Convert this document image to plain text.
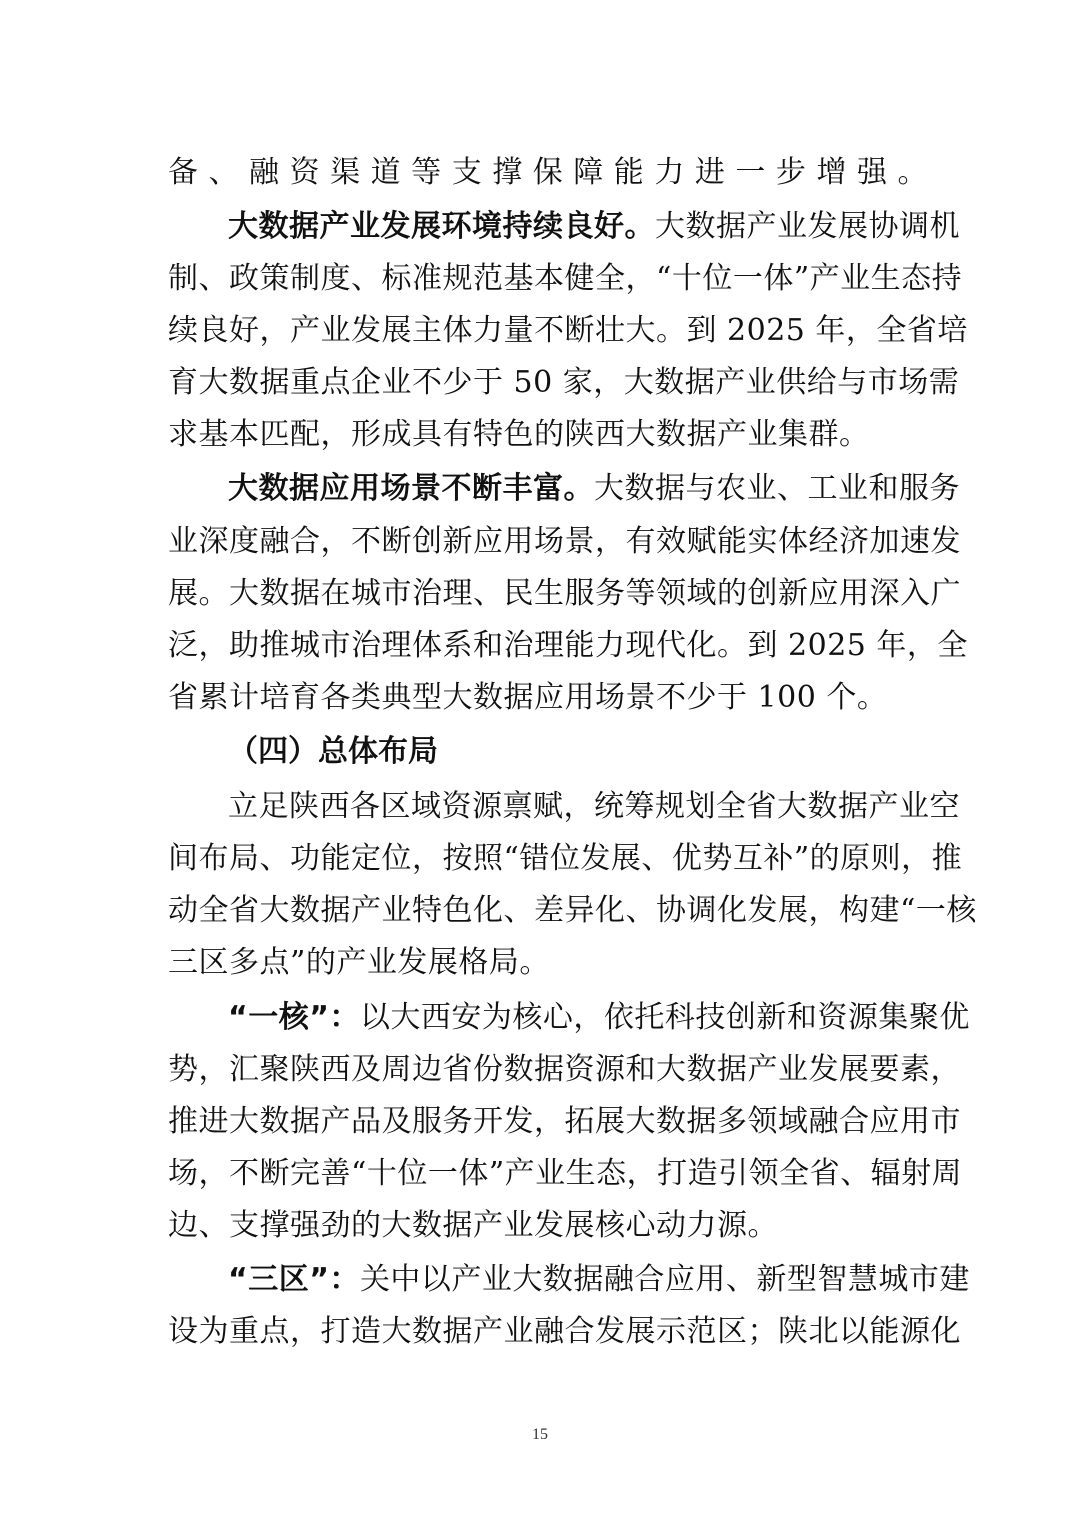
备、融资渠道等支撑保障能力进一步增强。
大数据产业发展环境持续良好。大数据产业发展协调机
制、政策制度、标准规范基本健全，“十位一体”产业生态持
续良好，产业发展主体力量不断壮大。到 2025 年，全省培
育大数据重点企业不少于 50 家，大数据产业供给与市场需
求基本匹配，形成具有特色的陕西大数据产业集群。
大数据应用场景不断丰富。大数据与农业、工业和服务
业深度融合，不断创新应用场景，有效赋能实体经济加速发
展。大数据在城市治理、民生服务等领域的创新应用深入广
泛，助推城市治理体系和治理能力现代化。到 2025 年，全
省累计培育各类典型大数据应用场景不少于 100 个。
（四）总体布局
立足陕西各区域资源禀赋，统筹规划全省大数据产业空
间布局、功能定位，按照“错位发展、优势互补”的原则，推
动全省大数据产业特色化、差异化、协调化发展，构建“一核
三区多点”的产业发展格局。
“一核”：以大西安为核心，依托科技创新和资源集聚优
势，汇聚陕西及周边省份数据资源和大数据产业发展要素，
推进大数据产品及服务开发，拓展大数据多领域融合应用市
场，不断完善“十位一体”产业生态，打造引领全省、辐射周
边、支撑强劲的大数据产业发展核心动力源。
“三区”：关中以产业大数据融合应用、新型智慧城市建
设为重点，打造大数据产业融合发展示范区；陕北以能源化
15
